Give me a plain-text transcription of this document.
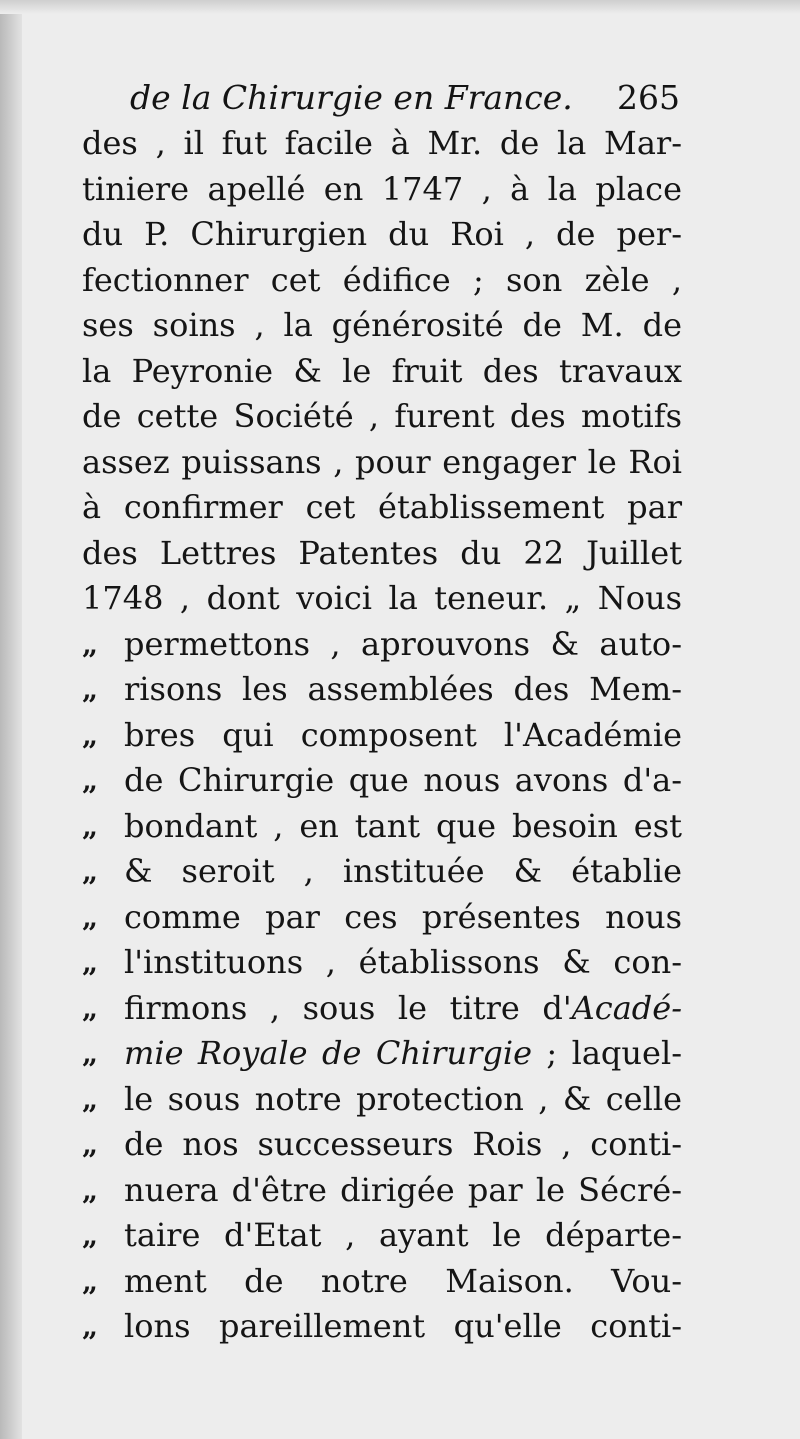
de la Chirurgie en France. 265
des , il fut facile à Mr. de la Mar-
tiniere apellé en 1747 , à la place
du P. Chirurgien du Roi , de per-
fectionner cet édifice ; son zèle ,
ses soins , la générosité de M. de
la Peyronie & le fruit des travaux
de cette Société , furent des motifs
assez puissans , pour engager le Roi
à confirmer cet établissement par
des Lettres Patentes du 22 Juillet
1748 , dont voici la teneur. „ Nous
„ permettons , aprouvons & auto-
„ risons les assemblées des Mem-
„ bres qui composent l'Académie
„ de Chirurgie que nous avons d'a-
„ bondant , en tant que besoin est
„ & seroit , instituée & établie
„ comme par ces présentes nous
„ l'instituons , établissons & con-
„ firmons , sous le titre d'Acadé-
„ mie Royale de Chirurgie ; laquel-
„ le sous notre protection , & celle
„ de nos successeurs Rois , conti-
„ nuera d'être dirigée par le Sécré-
„ taire d'Etat , ayant le départe-
„ ment de notre Maison. Vou-
„ lons pareillement qu'elle conti-
